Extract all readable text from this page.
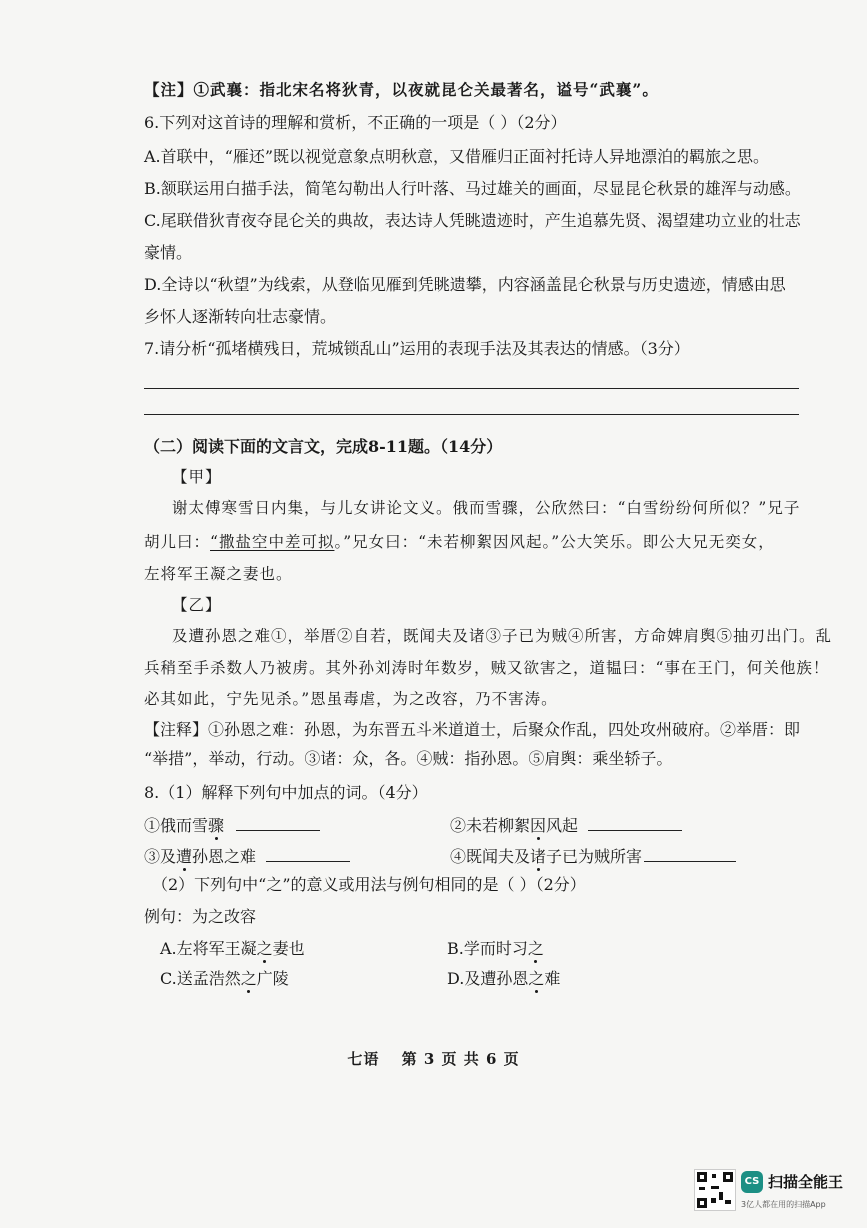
【注】①武襄：指北宋名将狄青，以夜就昆仑关最著名，谥号“武襄”。
6.下列对这首诗的理解和赏析，不正确的一项是（ ）（2分）
A.首联中，“雁还”既以视觉意象点明秋意，又借雁归正面衬托诗人异地漂泊的羁旅之思。
B.颔联运用白描手法，简笔勾勒出人行叶落、马过雄关的画面，尽显昆仑秋景的雄浑与动感。
C.尾联借狄青夜夺昆仑关的典故，表达诗人凭眺遗迹时，产生追慕先贤、渴望建功立业的壮志
豪情。
D.全诗以“秋望”为线索，从登临见雁到凭眺遗攀，内容涵盖昆仑秋景与历史遗迹，情感由思
乡怀人逐渐转向壮志豪情。
7.请分析“孤堵横残日，荒城锁乱山”运用的表现手法及其表达的情感。（3分）
（二）阅读下面的文言文，完成8-11题。（14分）
【甲】
谢太傅寒雪日内集，与儿女讲论文义。俄而雪骤，公欣然曰：“白雪纷纷何所似？”兄子
胡儿曰：“撒盐空中差可拟。”兄女曰：“未若柳絮因风起。”公大笑乐。即公大兄无奕女，
左将军王凝之妻也。
【乙】
及遭孙恩之难①，举厝②自若，既闻夫及诸③子已为贼④所害，方命婢肩舆⑤抽刃出门。乱
兵稍至手杀数人乃被虏。其外孙刘涛时年数岁，贼又欲害之，道韫曰：“事在王门，何关他族！
必其如此，宁先见杀。”恩虽毒虐，为之改容，乃不害涛。
【注释】①孙恩之难：孙恩，为东晋五斗米道道士，后聚众作乱，四处攻州破府。②举厝：即
“举措”，举动，行动。③诸：众，各。④贼：指孙恩。⑤肩舆：乘坐轿子。
8.（1）解释下列句中加点的词。（4分）
①俄而雪骤	②未若柳絮因风起
③及遭孙恩之难	④既闻夫及诸子已为贼所害
（2）下列句中“之”的意义或用法与例句相同的是（ ）（2分）
例句：为之改容
A.左将军王凝之妻也	B.学而时习之
C.送孟浩然之广陵	D.及遭孙恩之难
七语 第 3 页 共 6 页
CS 扫描全能王
3亿人都在用的扫描App
